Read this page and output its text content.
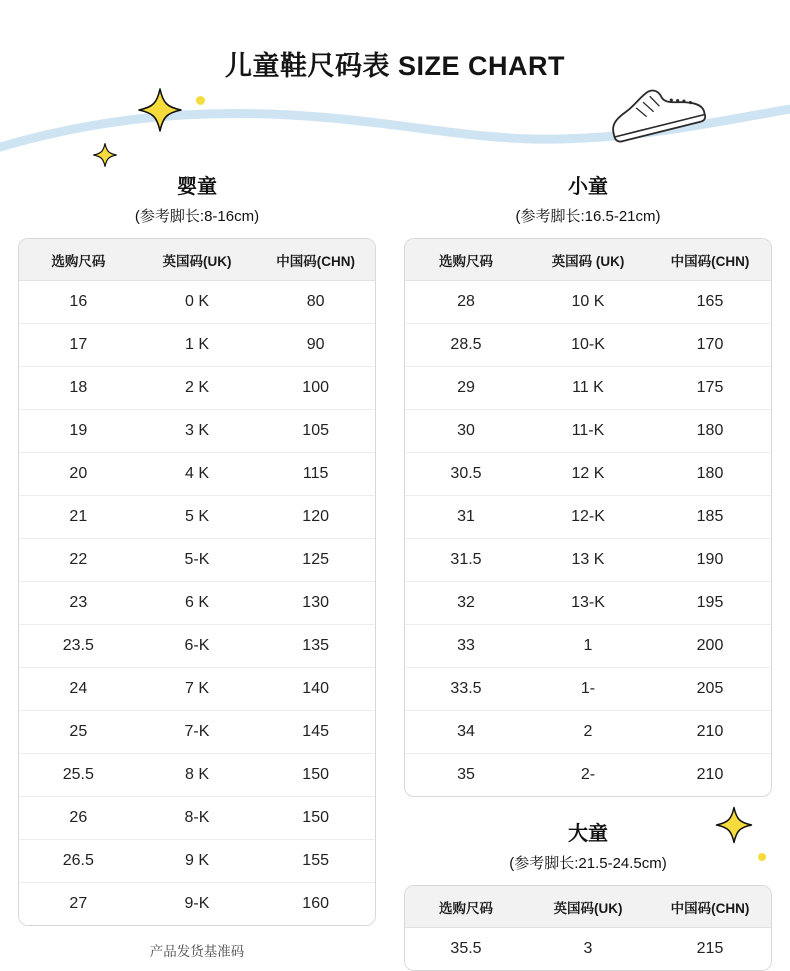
儿童鞋尺码表 SIZE CHART
婴童
(参考脚长:8-16cm)
选购尺码	英国码(UK)	中国码(CHN)
16	0 K	80
17	1 K	90
18	2 K	100
19	3 K	105
20	4 K	115
21	5 K	120
22	5-K	125
23	6 K	130
23.5	6-K	135
24	7 K	140
25	7-K	145
25.5	8 K	150
26	8-K	150
26.5	9 K	155
27	9-K	160
产品发货基准码
小童
(参考脚长:16.5-21cm)
选购尺码	英国码 (UK)	中国码(CHN)
28	10 K	165
28.5	10-K	170
29	11 K	175
30	11-K	180
30.5	12 K	180
31	12-K	185
31.5	13 K	190
32	13-K	195
33	1	200
33.5	1-	205
34	2	210
35	2-	210
大童
(参考脚长:21.5-24.5cm)
选购尺码	英国码(UK)	中国码(CHN)
35.5	3	215
